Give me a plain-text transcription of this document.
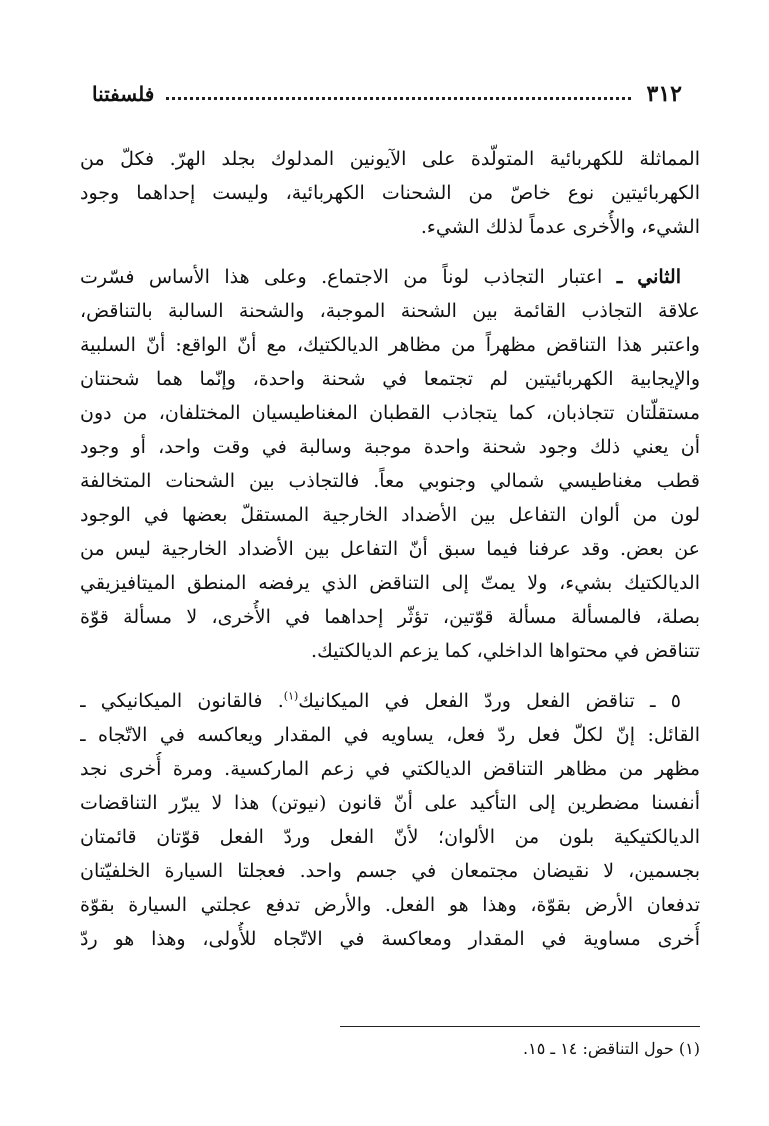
٣١٢
فلسفتنا

المماثلة للكهربائية المتولّدة على الآيونين المدلوك بجلد الهرّ. فكلّ من
الكهربائيتين نوع خاصّ من الشحنات الكهربائية، وليست إحداهما وجود
الشيء، والأُخرى عدماً لذلك الشيء.

 الثاني ـ اعتبار التجاذب لوناً من الاجتماع. وعلى هذا الأساس فسّرت
علاقة التجاذب القائمة بين الشحنة الموجبة، والشحنة السالبة بالتناقض،
واعتبر هذا التناقض مظهراً من مظاهر الديالكتيك، مع أنّ الواقع: أنّ السلبية
والإيجابية الكهربائيتين لم تجتمعا في شحنة واحدة، وإنّما هما شحنتان
مستقلّتان تتجاذبان، كما يتجاذب القطبان المغناطيسيان المختلفان، من دون
أن يعني ذلك وجود شحنة واحدة موجبة وسالبة في وقت واحد، أو وجود
قطب مغناطيسي شمالي وجنوبي معاً. فالتجاذب بين الشحنات المتخالفة
لون من ألوان التفاعل بين الأضداد الخارجية المستقلّ بعضها في الوجود
عن بعض. وقد عرفنا فيما سبق أنّ التفاعل بين الأضداد الخارجية ليس من
الديالكتيك بشيء، ولا يمتّ إلى التناقض الذي يرفضه المنطق الميتافيزيقي
بصلة، فالمسألة مسألة قوّتين، تؤثّر إحداهما في الأُخرى، لا مسألة قوّة
تتناقض في محتواها الداخلي، كما يزعم الديالكتيك.

 ٥ ـ تناقض الفعل وردّ الفعل في الميكانيك$^{(١)}$. فالقانون الميكانيكي ـ
القائل: إنّ لكلّ فعل ردّ فعل، يساويه في المقدار ويعاكسه في الاتّجاه ـ
مظهر من مظاهر التناقض الديالكتي في زعم الماركسية. ومرة أُخرى نجد
أنفسنا مضطرين إلى التأكيد على أنّ قانون (نيوتن) هذا لا يبرّر التناقضات
الديالكتيكية بلون من الألوان؛ لأنّ الفعل وردّ الفعل قوّتان قائمتان
بجسمين، لا نقيضان مجتمعان في جسم واحد. فعجلتا السيارة الخلفيّتان
تدفعان الأرض بقوّة، وهذا هو الفعل. والأرض تدفع عجلتي السيارة بقوّة
أُخرى مساوية في المقدار ومعاكسة في الاتّجاه للأُولى، وهذا هو ردّ

(١) حول التناقض: ١٤ ـ ١٥.
